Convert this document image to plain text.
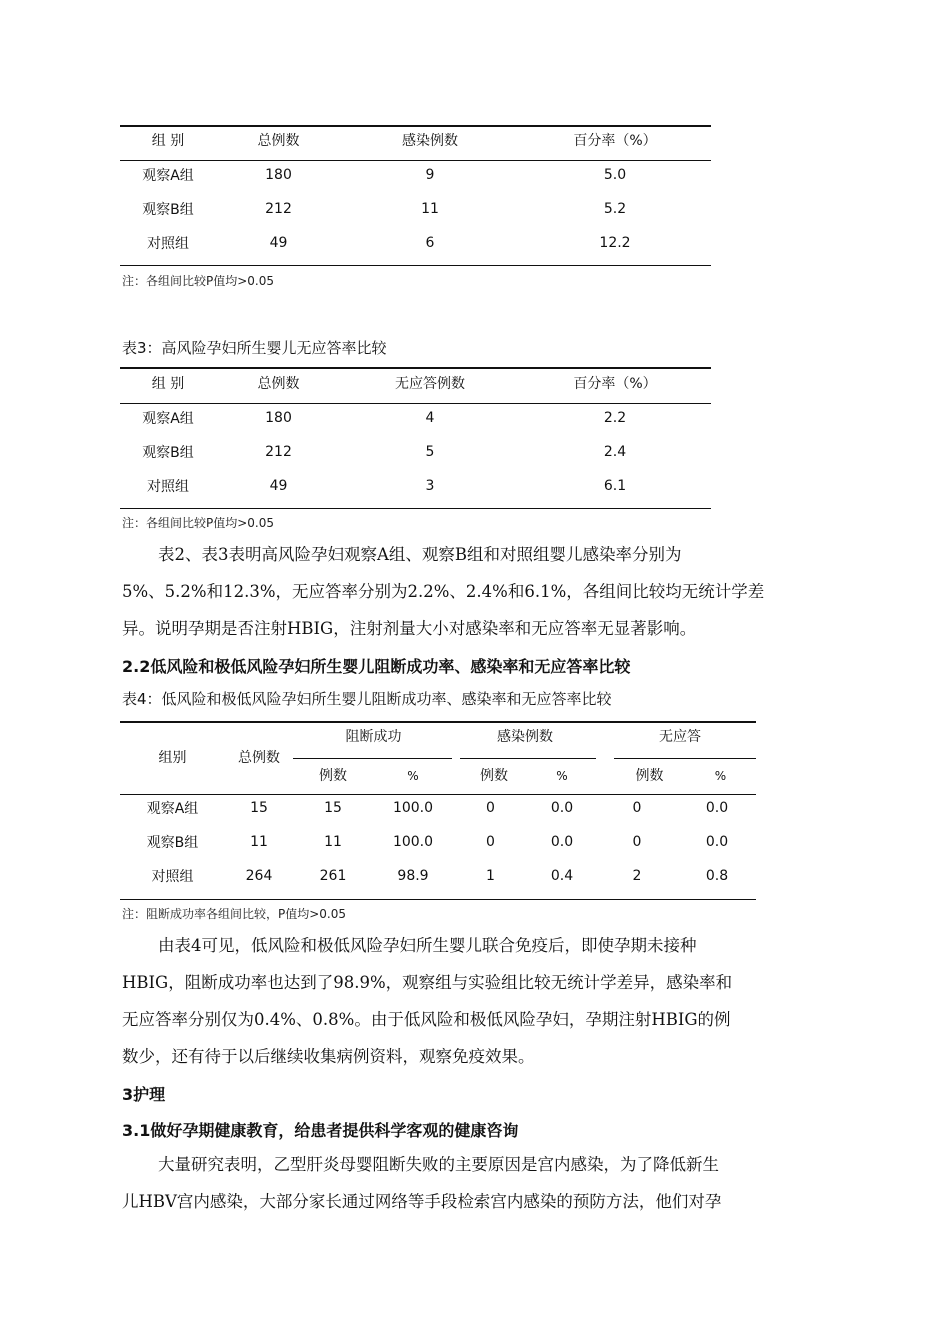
组 别	总例数	感染例数	百分率（%）
观察A组	180	9	5.0
观察B组	212	11	5.2
对照组	49	6	12.2
注：各组间比较P值均>0.05
表3：高风险孕妇所生婴儿无应答率比较
组 别	总例数	无应答例数	百分率（%）
观察A组	180	4	2.2
观察B组	212	5	2.4
对照组	49	3	6.1
注：各组间比较P值均>0.05
表2、表3表明高风险孕妇观察A组、观察B组和对照组婴儿感染率分别为
5%、5.2%和12.3%，无应答率分别为2.2%、2.4%和6.1%，各组间比较均无统计学差
异。说明孕期是否注射HBIG，注射剂量大小对感染率和无应答率无显著影响。
2.2低风险和极低风险孕妇所生婴儿阻断成功率、感染率和无应答率比较
表4：低风险和极低风险孕妇所生婴儿阻断成功率、感染率和无应答率比较
组别	总例数
阻断成功
例数	%
感染例数
例数	%
无应答
例数	%
观察A组	15	15	100.0	0	0.0	0	0.0
观察B组	11	11	100.0	0	0.0	0	0.0
对照组	264	261	98.9	1	0.4	2	0.8
注：阻断成功率各组间比较，P值均>0.05
由表4可见，低风险和极低风险孕妇所生婴儿联合免疫后，即使孕期未接种
HBIG，阻断成功率也达到了98.9%，观察组与实验组比较无统计学差异，感染率和
无应答率分别仅为0.4%、0.8%。由于低风险和极低风险孕妇，孕期注射HBIG的例
数少，还有待于以后继续收集病例资料，观察免疫效果。
3护理
3.1做好孕期健康教育，给患者提供科学客观的健康咨询
大量研究表明，乙型肝炎母婴阻断失败的主要原因是宫内感染，为了降低新生
儿HBV宫内感染，大部分家长通过网络等手段检索宫内感染的预防方法，他们对孕
